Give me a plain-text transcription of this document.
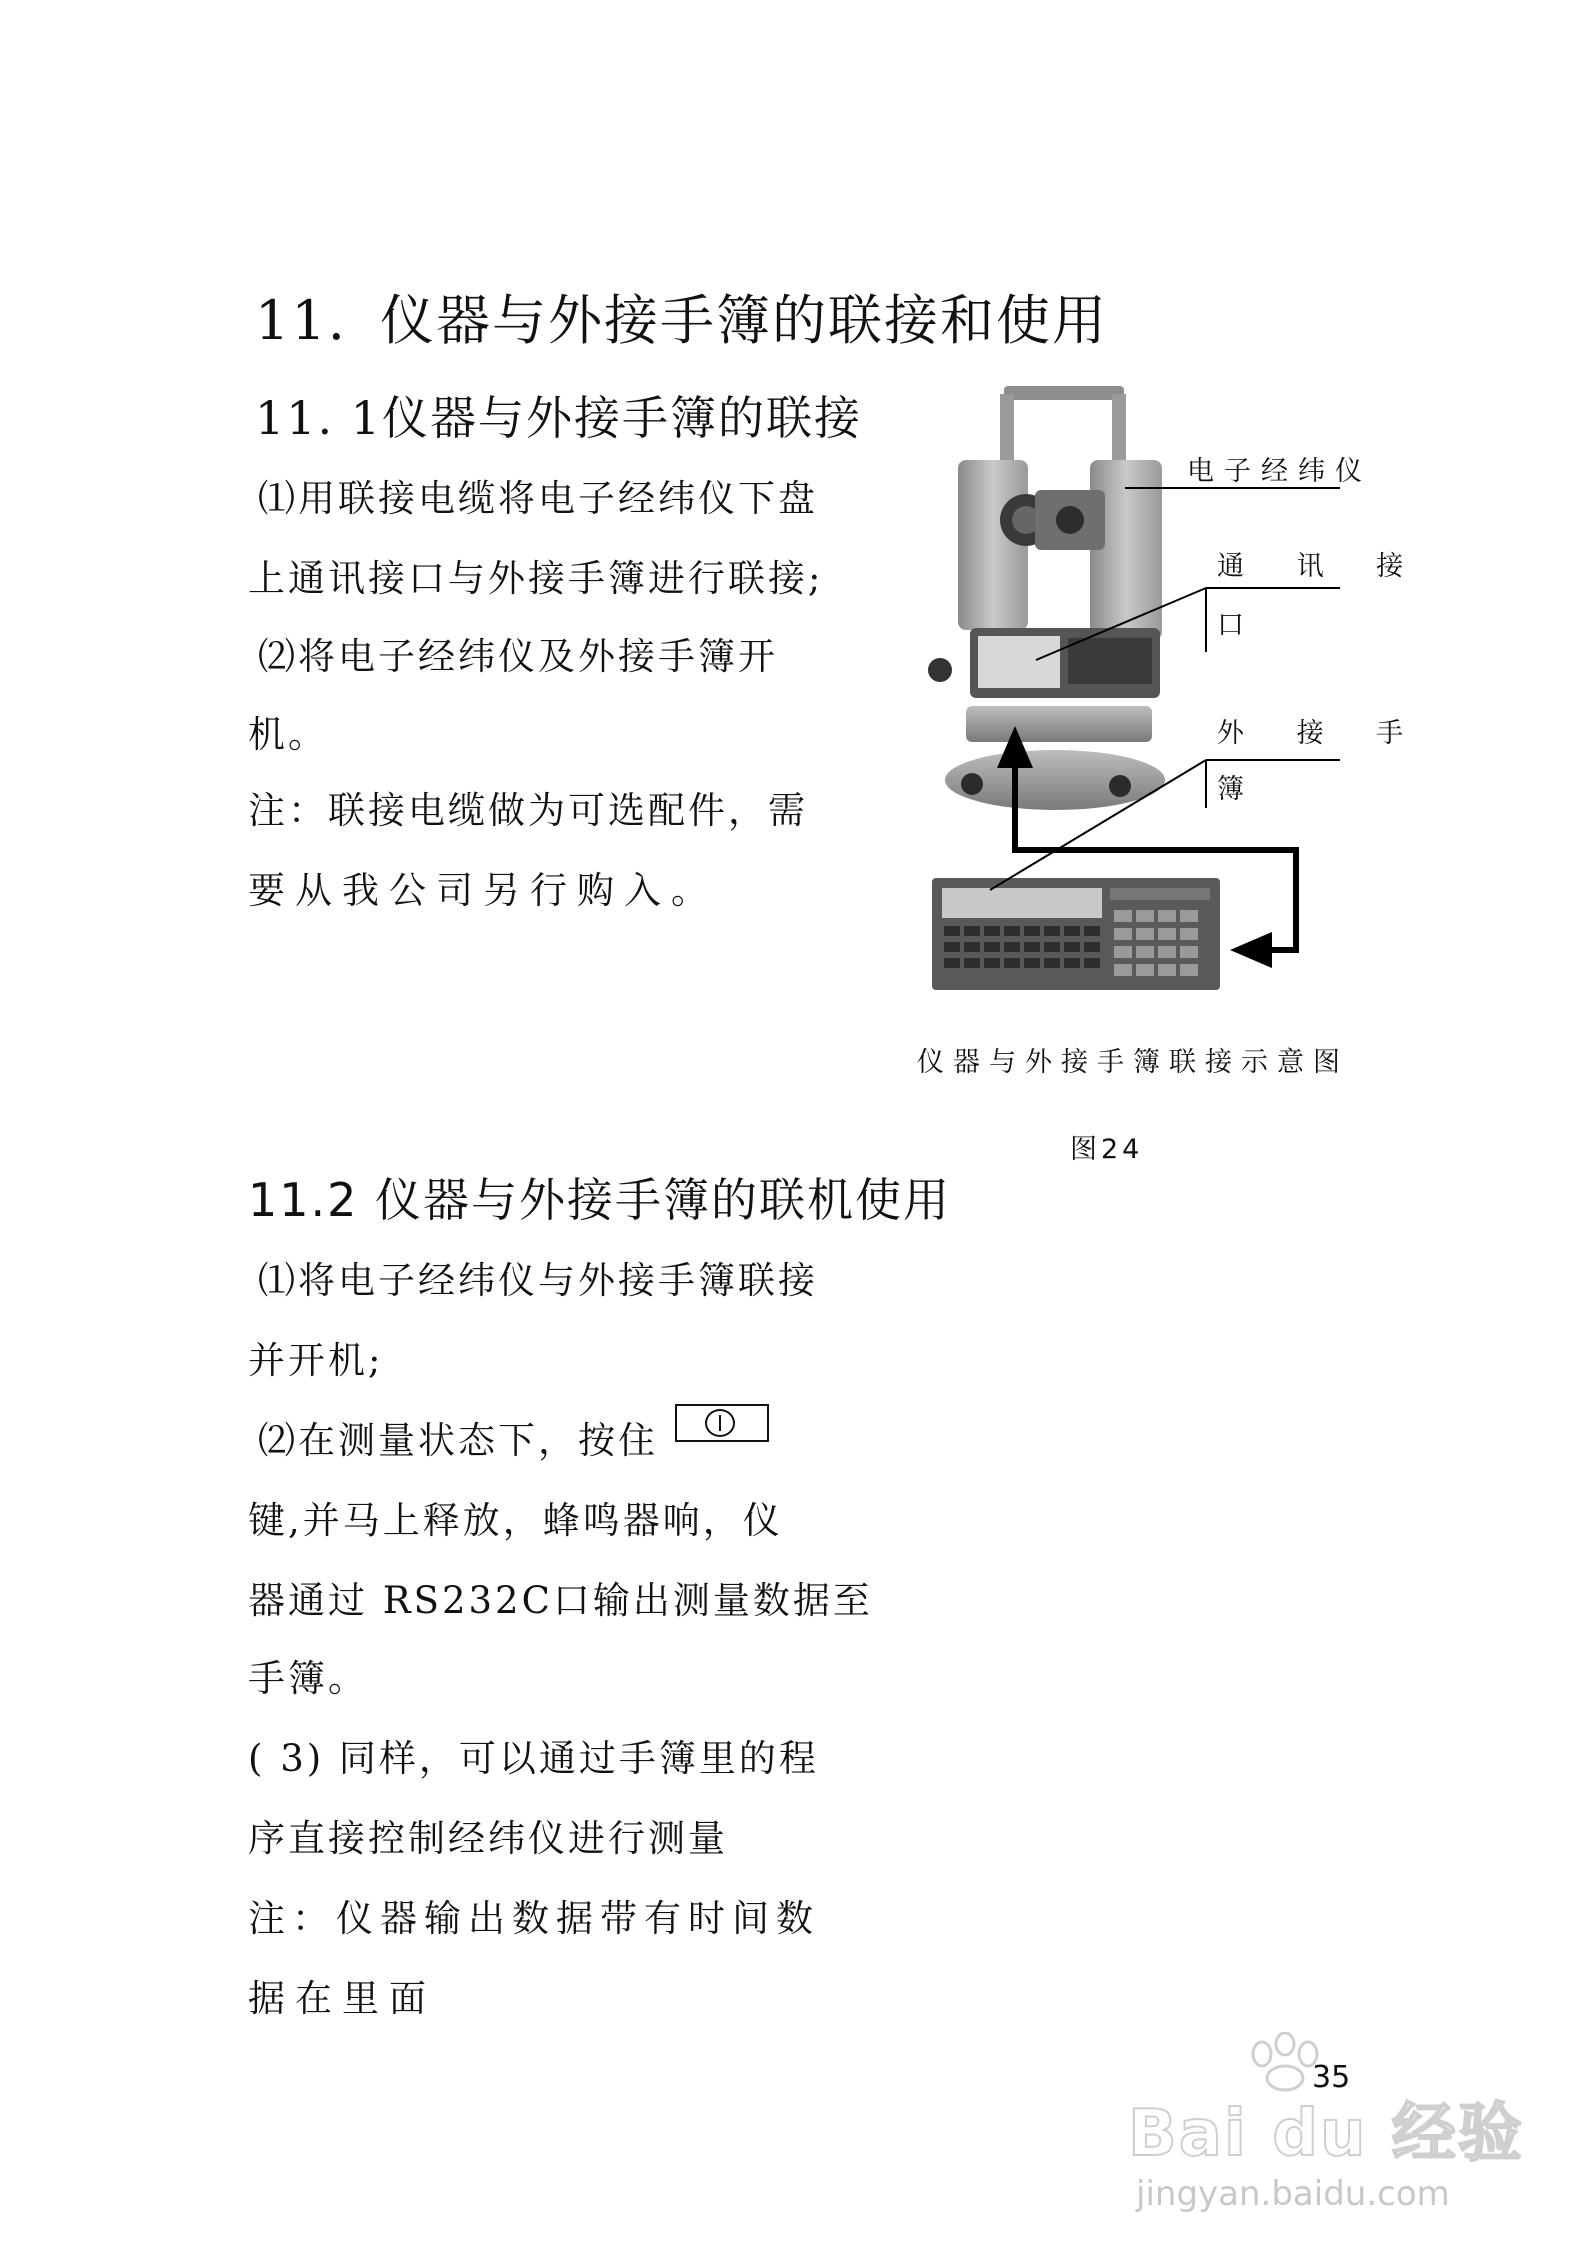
11. 仪器与外接手簿的联接和使用
11. 1仪器与外接手簿的联接
⑴用联接电缆将电子经纬仪下盘
上通讯接口与外接手簿进行联接;
⑵将电子经纬仪及外接手簿开
机。
注：联接电缆做为可选配件，需
要从我公司另行购入。
电子经纬仪
通 讯 接
口
外 接 手
簿
仪器与外接手簿联接示意图
图24
11.2 仪器与外接手簿的联机使用
⑴将电子经纬仪与外接手簿联接
并开机;
⑵在测量状态下，按住
键,并马上释放，蜂鸣器响，仪
器通过 RS232C口输出测量数据至
手簿。
( 3) 同样，可以通过手簿里的程
序直接控制经纬仪进行测量
注：仪器输出数据带有时间数
据在里面
35
Bai du 经验
jingyan.baidu.com
